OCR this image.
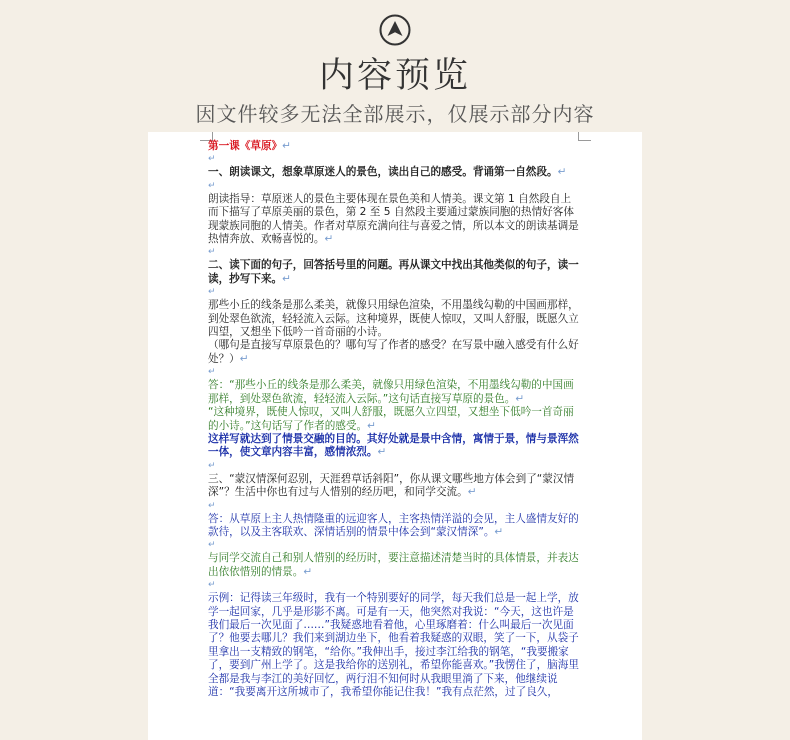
内容预览
因文件较多无法全部展示，仅展示部分内容

第一课《草原》↵

↵

一、朗读课文，想象草原迷人的景色，读出自己的感受。背诵第一自然段。↵

↵

朗读指导：草原迷人的景色主要体现在景色美和人情美。课文第 1 自然段自上而下描写了草原美丽的景色，第 2 至 5 自然段主要通过蒙族同胞的热情好客体现蒙族同胞的人情美。作者对草原充满向往与喜爱之情，所以本文的朗读基调是热情奔放、欢畅喜悦的。↵

↵

二、读下面的句子，回答括号里的问题。再从课文中找出其他类似的句子，读一读，抄写下来。↵

↵

那些小丘的线条是那么柔美，就像只用绿色渲染，不用墨线勾勒的中国画那样，到处翠色欲流，轻轻流入云际。这种境界，既使人惊叹，又叫人舒服，既愿久立四望，又想坐下低吟一首奇丽的小诗。

（哪句是直接写草原景色的？哪句写了作者的感受？在写景中融入感受有什么好处？）↵

↵

答：“那些小丘的线条是那么柔美，就像只用绿色渲染，不用墨线勾勒的中国画那样，到处翠色欲流，轻轻流入云际。”这句话直接写草原的景色。↵

“这种境界，既使人惊叹，又叫人舒服，既愿久立四望，又想坐下低吟一首奇丽的小诗。”这句话写了作者的感受。↵

这样写就达到了情景交融的目的。其好处就是景中含情，寓情于景，情与景浑然一体，使文章内容丰富，感情浓烈。↵

↵

三、“蒙汉情深何忍别，天涯碧草话斜阳”，你从课文哪些地方体会到了“蒙汉情深”？生活中你也有过与人惜别的经历吧，和同学交流。↵

↵

答：从草原上主人热情隆重的远迎客人，主客热情洋溢的会见，主人盛情友好的款待，以及主客联欢、深情话别的情景中体会到“蒙汉情深”。↵

↵

与同学交流自己和别人惜别的经历时，要注意描述清楚当时的具体情景，并表达出依依惜别的情景。↵

↵

示例：记得读三年级时，我有一个特别要好的同学，每天我们总是一起上学，放学一起回家，几乎是形影不离。可是有一天，他突然对我说：“今天，这也许是我们最后一次见面了……”我疑惑地看着他，心里琢磨着：什么叫最后一次见面了？他要去哪儿？我们来到湖边坐下，他看着我疑惑的双眼，笑了一下，从袋子里拿出一支精致的钢笔，“给你。”我伸出手，接过李江给我的钢笔，“我要搬家了，要到广州上学了。这是我给你的送别礼，希望你能喜欢。”我愣住了，脑海里全都是我与李江的美好回忆，两行泪不知何时从我眼里淌了下来，他继续说道：“我要离开这所城市了，我希望你能记住我！”我有点茫然，过了良久，
